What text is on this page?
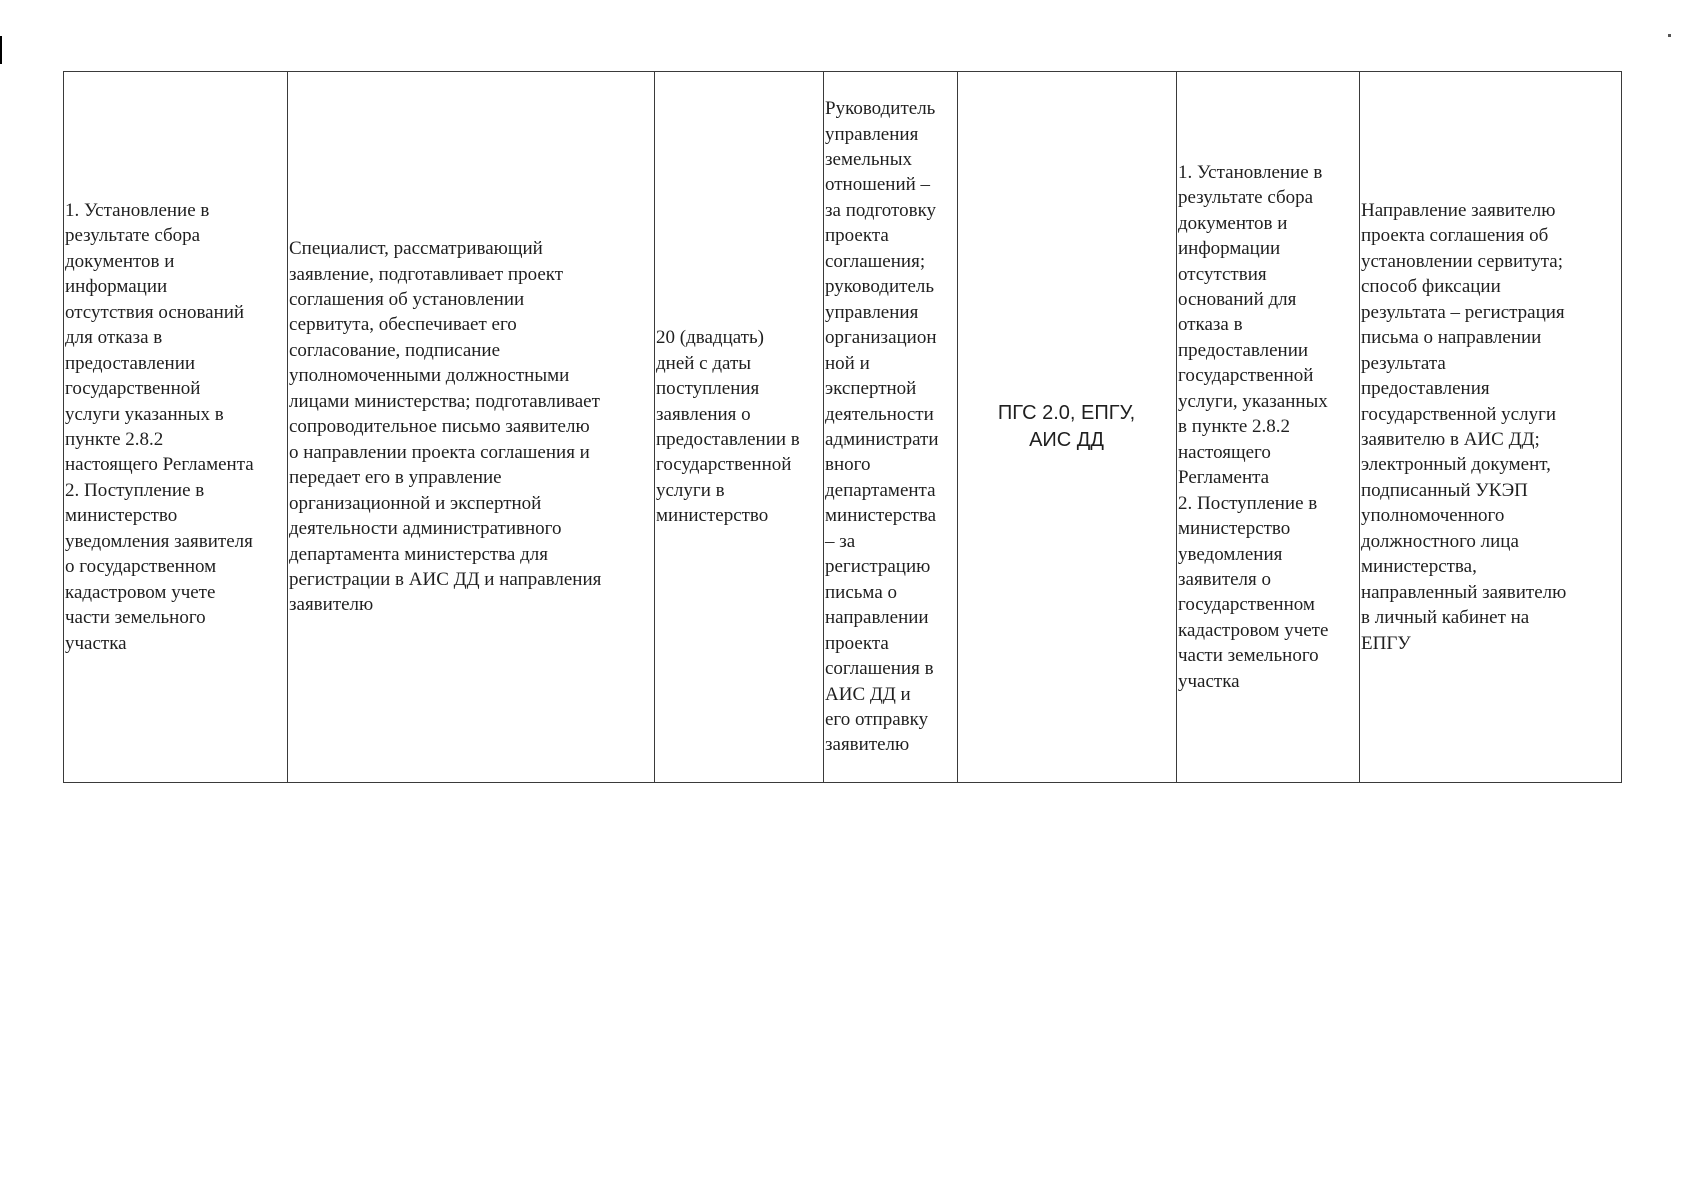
1. Установление в
результате сбора
документов и
информации
отсутствия оснований
для отказа в
предоставлении
государственной
услуги указанных в
пункте 2.8.2
настоящего Регламента
2. Поступление в
министерство
уведомления заявителя
о государственном
кадастровом учете
части земельного
участка

Специалист, рассматривающий
заявление, подготавливает проект
соглашения об установлении
сервитута, обеспечивает его
согласование, подписание
уполномоченными должностными
лицами министерства; подготавливает
сопроводительное письмо заявителю
о направлении проекта соглашения и
передает его в управление
организационной и экспертной
деятельности административного
департамента министерства для
регистрации в АИС ДД и направления
заявителю

20 (двадцать)
дней с даты
поступления
заявления о
предоставлении в
государственной
услуги в
министерство

Руководитель
управления
земельных
отношений –
за подготовку
проекта
соглашения;
руководитель
управления
организацион
ной и
экспертной
деятельности
администрати
вного
департамента
министерства
– за
регистрацию
письма о
направлении
проекта
соглашения в
АИС ДД и
его отправку
заявителю

ПГС 2.0, ЕПГУ,
АИС ДД

1. Установление в
результате сбора
документов и
информации
отсутствия
оснований для
отказа в
предоставлении
государственной
услуги, указанных
в пункте 2.8.2
настоящего
Регламента
2. Поступление в
министерство
уведомления
заявителя о
государственном
кадастровом учете
части земельного
участка

Направление заявителю
проекта соглашения об
установлении сервитута;
способ фиксации
результата – регистрация
письма о направлении
результата
предоставления
государственной услуги
заявителю в АИС ДД;
электронный документ,
подписанный УКЭП
уполномоченного
должностного лица
министерства,
направленный заявителю
в личный кабинет на
ЕПГУ
